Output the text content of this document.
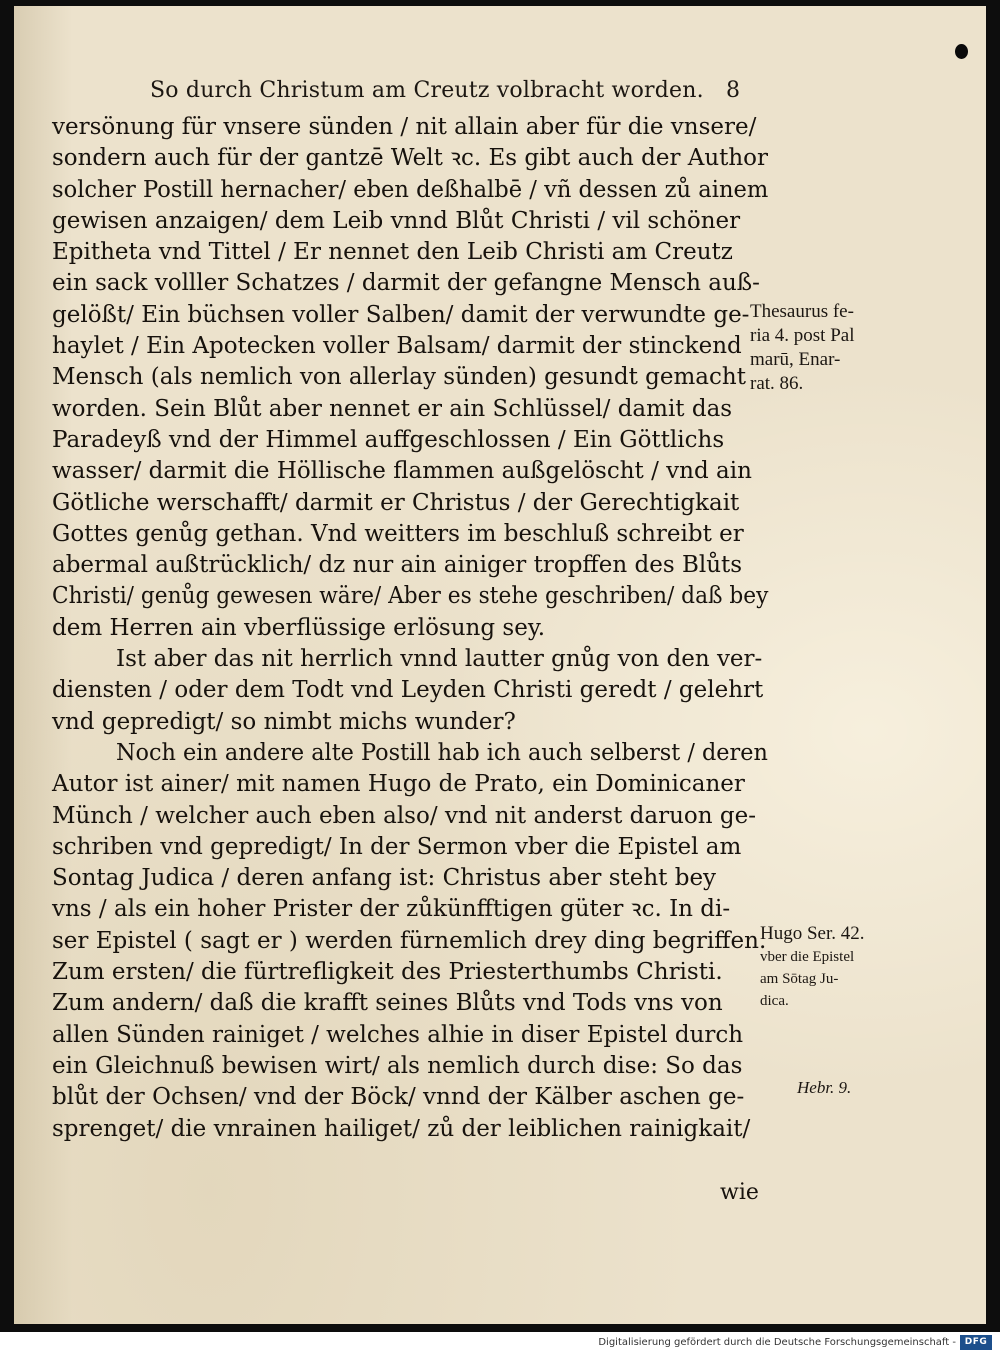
So durch Christum am Creutz volbracht worden. 8
versönung für vnsere sünden / nit allain aber für die vnsere/
sondern auch für der gantzē Welt ꝛc. Es gibt auch der Author
solcher Postill hernacher/ eben deßhalbē / vñ dessen zů ainem
gewisen anzaigen/ dem Leib vnnd Blůt Christi / vil schöner
Epitheta vnd Tittel / Er nennet den Leib Christi am Creutz
ein sack volller Schatzes / darmit der gefangne Mensch auß-
gelößt/ Ein büchsen voller Salben/ damit der verwundte ge-
haylet / Ein Apotecken voller Balsam/ darmit der stinckend
Mensch (als nemlich von allerlay sünden) gesundt gemacht
worden. Sein Blůt aber nennet er ain Schlüssel/ damit das
Paradeyß vnd der Himmel auffgeschlossen / Ein Göttlichs
wasser/ darmit die Höllische flammen außgelöscht / vnd ain
Götliche werschafft/ darmit er Christus / der Gerechtigkait
Gottes genůg gethan. Vnd weitters im beschluß schreibt er
abermal außtrücklich/ dz nur ain ainiger tropffen des Blůts
Christi/ genůg gewesen wäre/ Aber es stehe geschriben/ daß bey
dem Herren ain vberflüssige erlösung sey.
Ist aber das nit herrlich vnnd lautter gnůg von den ver-
diensten / oder dem Todt vnd Leyden Christi geredt / gelehrt
vnd gepredigt/ so nimbt michs wunder?
Noch ein andere alte Postill hab ich auch selberst / deren
Autor ist ainer/ mit namen Hugo de Prato, ein Dominicaner
Münch / welcher auch eben also/ vnd nit anderst daruon ge-
schriben vnd gepredigt/ In der Sermon vber die Epistel am
Sontag Judica / deren anfang ist: Christus aber steht bey
vns / als ein hoher Prister der zůkünfftigen güter ꝛc. In di-
ser Epistel ( sagt er ) werden fürnemlich drey ding begriffen.
Zum ersten/ die fürtreflig​keit des Priesterthumbs Christi.
Zum andern/ daß die krafft seines Blůts vnd Tods vns von
allen Sünden rainiget / welches alhie in diser Epistel durch
ein Gleichnuß bewisen wirt/ als nemlich durch dise: So das
blůt der Ochsen/ vnd der Böck/ vnnd der Kälber aschen ge-
sprenget/ die vnrainen hailiget/ zů der leiblichen rainigkait/
Thesaurus fe-
ria 4. post Pal
marū, Enar-
rat. 86.
Hugo Ser. 42.
vber die Epistel
am Sōtag Ju-
dica.
Hebr. 9.
wie
Digitalisierung gefördert durch die Deutsche Forschungsgemeinschaft - DFG
